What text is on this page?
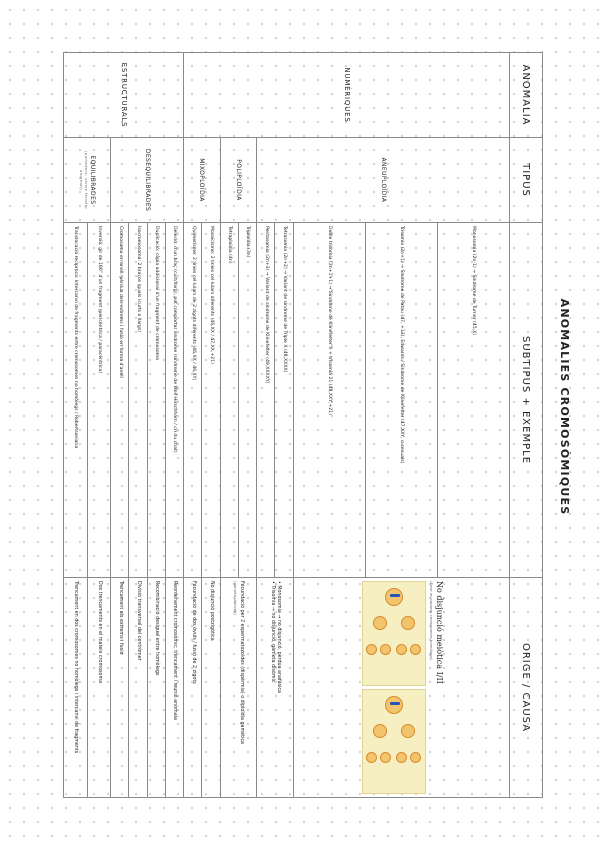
ANOMALIES CROMOSÒMIQUES
ANOMALIA	TIPUS	SUBTIPUS + EXEMPLE	ORIGE / CAUSA
NUMÈRIQUES	ANEUPLOÏDIA	Monosomia (2n-1) → Síndrome de Turner (45,X)	No disjunció meiòtica I/II
(Error en separar cromosomes homòlegs)

		Trisomia (2n+1) → Síndrome de Patau (47, +13), Edwards / Síndrome de Klinefelter (47,XXY, o sexuals)	
		Doble trisomia (2n+1+1) → Síndrome de Klinefelter X + trisomia 21 (48,XXY,+21)	
		Tetrasomia (2n+2) → Variant de síndrome de Triple X (48,XXXX)	• Monosomia → no disjunció, pèrdua anafàsica
• Trisomia → no disjunció, gàmeta disòmic
		Pentasomia (2n+3) → Variant de síndrome de Klinefelter (49,XXXXY)	
	POLIPLOÏDIA	Triploïdia (3n)	Fecundació per 2 espermatozoides (dispèrmia) o diploïdia gamètica
(gàmeta diploide)

		Tetraploïdia (4n)	
	MIXOPLOÏDIA	Mosaïcisme: 2 línies cel·lulars diferents (46,XX / 47,XX,+21)	No disjunció postzigòtica
		Quimerisme: 2 línies cel·lulars de 2 zigots diferents (46,XX / 46,XY)	Fecundació de dos òvuls / fusió de 2 zigots
ESTRUCTURALS	DESEQUILIBRADES	Deleció: d'un braç (curt/llarg), pot comportar síndrome (síndrome de Wolf-Hirschhorn / cri du chat)	Reordenament cromosòmic; trencament i reunió anòmala
		Duplicació: còpia addicional d'un fragment de cromosoma	Recombinació desigual entre homòlegs
		Isocromosoma: 2 braços iguals (curts o llargs)	Divisió transversal del centròmer
		Cromosoma en anell: pèrdua dels extrems i fusió en forma d'anell	Trencament als extrems i fusió
	EQUILIBRADES
(portadors: sense fenotip anormal)	Inversió: gir de 180° d'un fragment (pericèntrica / paracèntrica)	Dos trencaments en el mateix cromosoma
		Translocació recíproca: intercanvi de fragments entre cromosomes no homòlegs / Robertsoniana	Trencament en dos cromosomes no homòlegs i intercanvi de fragments
